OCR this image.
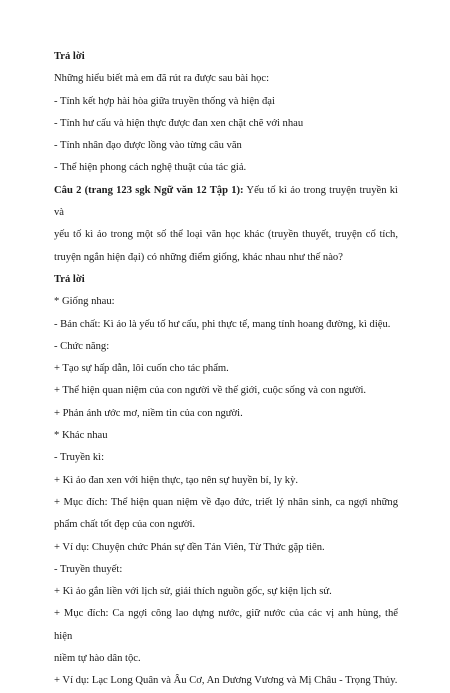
Trả lời
Những hiểu biết mà em đã rút ra được sau bài học:
- Tính kết hợp hài hòa giữa truyền thống và hiện đại
- Tính hư cấu và hiện thực được đan xen chặt chẽ với nhau
- Tính nhân đạo được lồng vào từng câu văn
- Thể hiện phong cách nghệ thuật của tác giả.
Câu 2 (trang 123 sgk Ngữ văn 12 Tập 1): Yếu tố kì ảo trong truyện truyền kì và
yếu tố kì ảo trong một số thể loại văn học khác (truyền thuyết, truyện cổ tích,
truyện ngắn hiện đại) có những điểm giống, khác nhau như thế nào?
Trả lời
* Giống nhau:
- Bản chất: Kì ảo là yếu tố hư cấu, phi thực tế, mang tính hoang đường, kì diệu.
- Chức năng:
+ Tạo sự hấp dẫn, lôi cuốn cho tác phẩm.
+ Thể hiện quan niệm của con người về thế giới, cuộc sống và con người.
+ Phản ánh ước mơ, niềm tin của con người.
* Khác nhau
- Truyền kì:
+ Kì ảo đan xen với hiện thực, tạo nên sự huyền bí, ly kỳ.
+ Mục đích: Thể hiện quan niệm về đạo đức, triết lý nhân sinh, ca ngợi những
phẩm chất tốt đẹp của con người.
+ Ví dụ: Chuyện chức Phán sự đền Tản Viên, Từ Thức gặp tiên.
- Truyền thuyết:
+ Kì ảo gắn liền với lịch sử, giải thích nguồn gốc, sự kiện lịch sử.
+ Mục đích: Ca ngợi công lao dựng nước, giữ nước của các vị anh hùng, thể hiện
niềm tự hào dân tộc.
+ Ví dụ: Lạc Long Quân và Âu Cơ, An Dương Vương và Mị Châu - Trọng Thủy.
